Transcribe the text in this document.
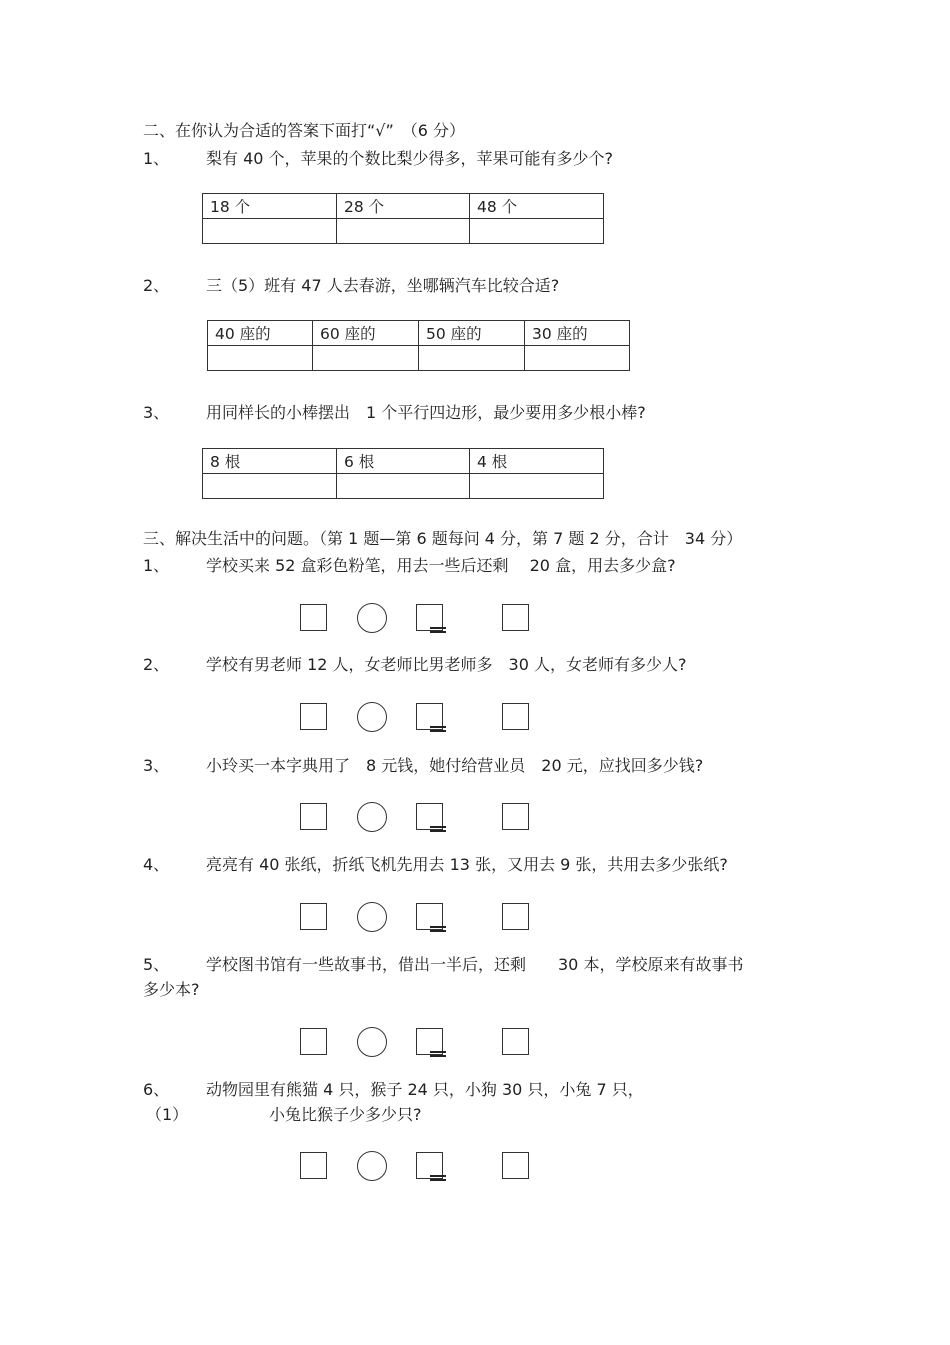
二、在你认为合适的答案下面打“√”　（6 分）
1、 梨有 40 个，苹果的个数比梨少得多，苹果可能有多少个?
18 个	28 个	48 个

2、 三（5）班有 47 人去春游，坐哪辆汽车比较合适?
40 座的	60 座的	50 座的	30 座的

3、 用同样长的小棒摆出　1 个平行四边形，最少要用多少根小棒?
8 根	6 根	4 根

三、解决生活中的问题。（第 1 题—第 6 题每问 4 分，第 7 题 2 分，合计　34 分）
1、 学校买来 52 盒彩色粉笔，用去一些后还剩　 20 盒，用去多少盒?
2、 学校有男老师 12 人，女老师比男老师多　30 人，女老师有多少人?
3、 小玲买一本字典用了　8 元钱，她付给营业员　20 元，应找回多少钱?
4、 亮亮有 40 张纸，折纸飞机先用去 13 张，又用去 9 张，共用去多少张纸?
5、 学校图书馆有一些故事书，借出一半后，还剩　　30 本，学校原来有故事书
多少本?
6、 动物园里有熊猫 4 只，猴子 24 只，小狗 30 只，小兔 7 只，
（1）	小兔比猴子少多少只?
